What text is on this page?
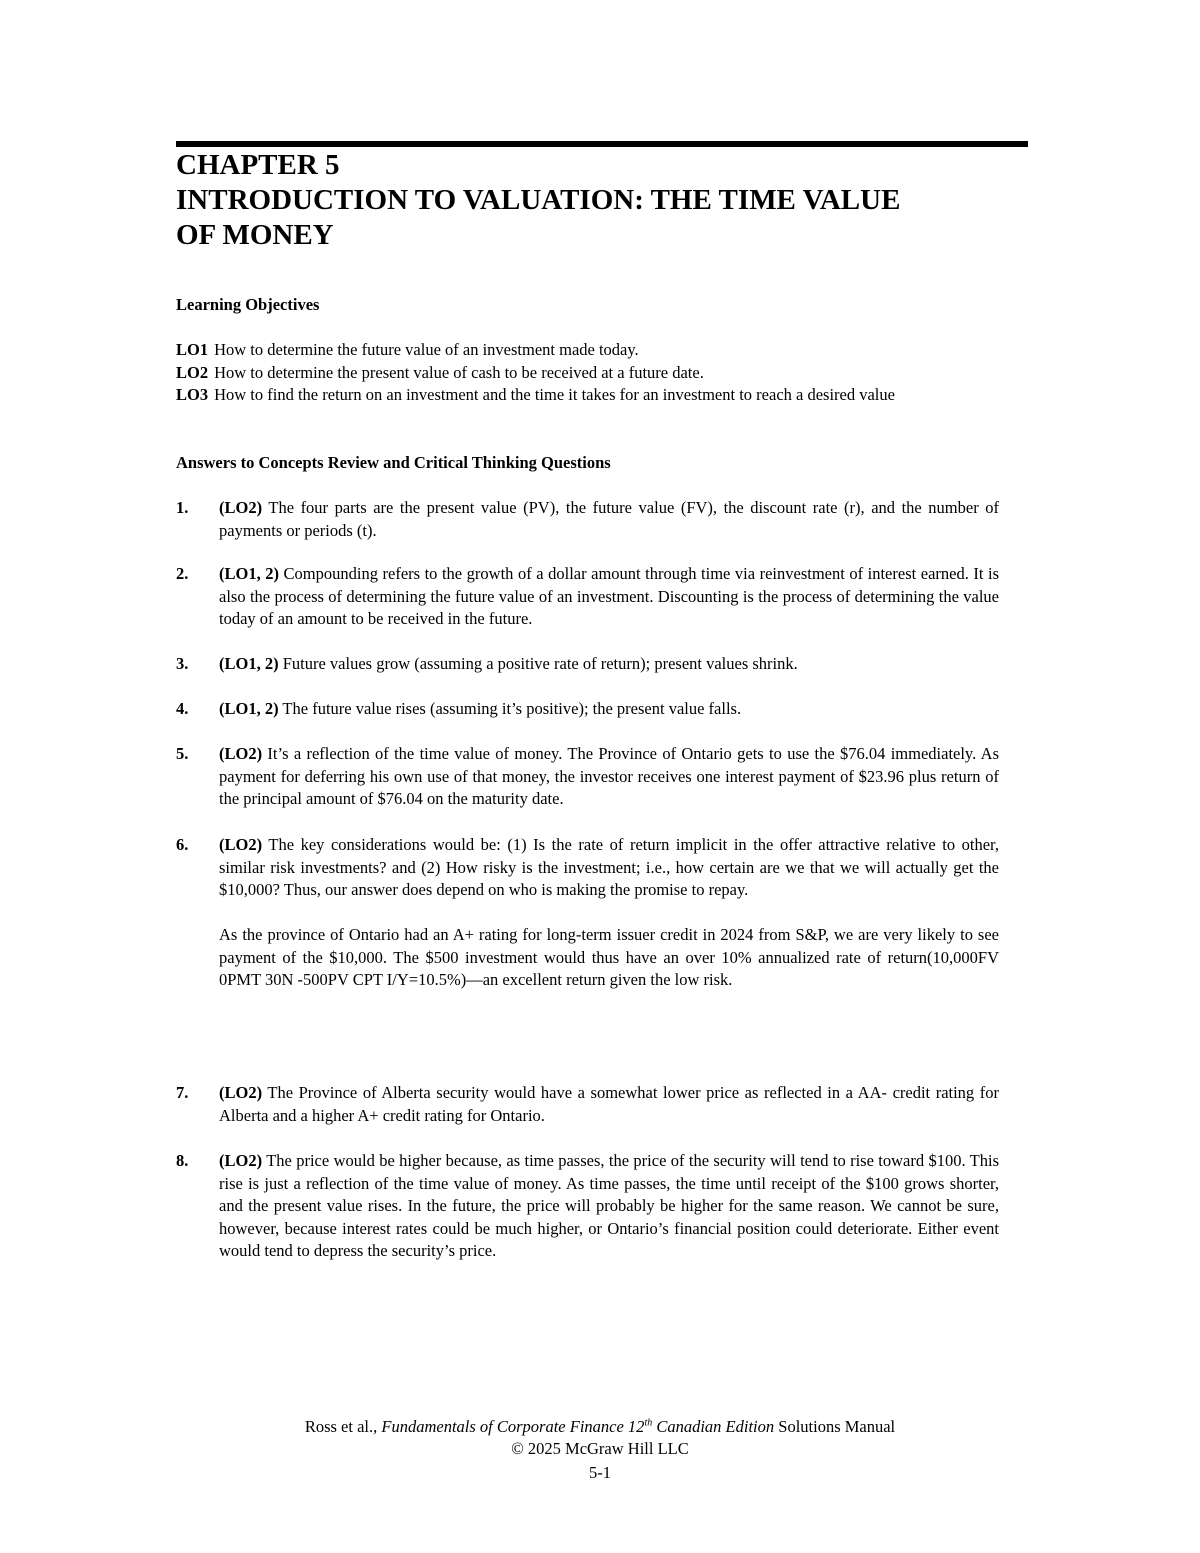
CHAPTER 5
INTRODUCTION TO VALUATION: THE TIME VALUE
OF MONEY
Learning Objectives
LO1 How to determine the future value of an investment made today.
LO2 How to determine the present value of cash to be received at a future date.
LO3 How to find the return on an investment and the time it takes for an investment to reach a desired value
Answers to Concepts Review and Critical Thinking Questions
1.	(LO2) The four parts are the present value (PV), the future value (FV), the discount rate (r), and the number of payments or periods (t).

2.	(LO1, 2) Compounding refers to the growth of a dollar amount through time via reinvestment of interest earned. It is also the process of determining the future value of an investment. Discounting is the process of determining the value today of an amount to be received in the future.

3.	(LO1, 2) Future values grow (assuming a positive rate of return); present values shrink.

4.	(LO1, 2) The future value rises (assuming it’s positive); the present value falls.

5.	(LO2) It’s a reflection of the time value of money. The Province of Ontario gets to use the $76.04 immediately. As payment for deferring his own use of that money, the investor receives one interest payment of $23.96 plus return of the principal amount of $76.04 on the maturity date.

6.	(LO2) The key considerations would be: (1) Is the rate of return implicit in the offer attractive relative to other, similar risk investments? and (2) How risky is the investment; i.e., how certain are we that we will actually get the $10,000? Thus, our answer does depend on who is making the promise to repay.

As the province of Ontario had an A+ rating for long-term issuer credit in 2024 from S&P, we are very likely to see payment of the $10,000. The $500 investment would thus have an over 10% annualized rate of return(10,000FV 0PMT 30N -500PV CPT I/Y=10.5%)—an excellent return given the low risk.

7.	(LO2) The Province of Alberta security would have a somewhat lower price as reflected in a AA- credit rating for Alberta and a higher A+ credit rating for Ontario.

8.	(LO2) The price would be higher because, as time passes, the price of the security will tend to rise toward $100. This rise is just a reflection of the time value of money. As time passes, the time until receipt of the $100 grows shorter, and the present value rises. In the future, the price will probably be higher for the same reason. We cannot be sure, however, because interest rates could be much higher, or Ontario’s financial position could deteriorate. Either event would tend to depress the security’s price.

Ross et al., Fundamentals of Corporate Finance 12th Canadian Edition Solutions Manual
© 2025 McGraw Hill LLC
5-1
